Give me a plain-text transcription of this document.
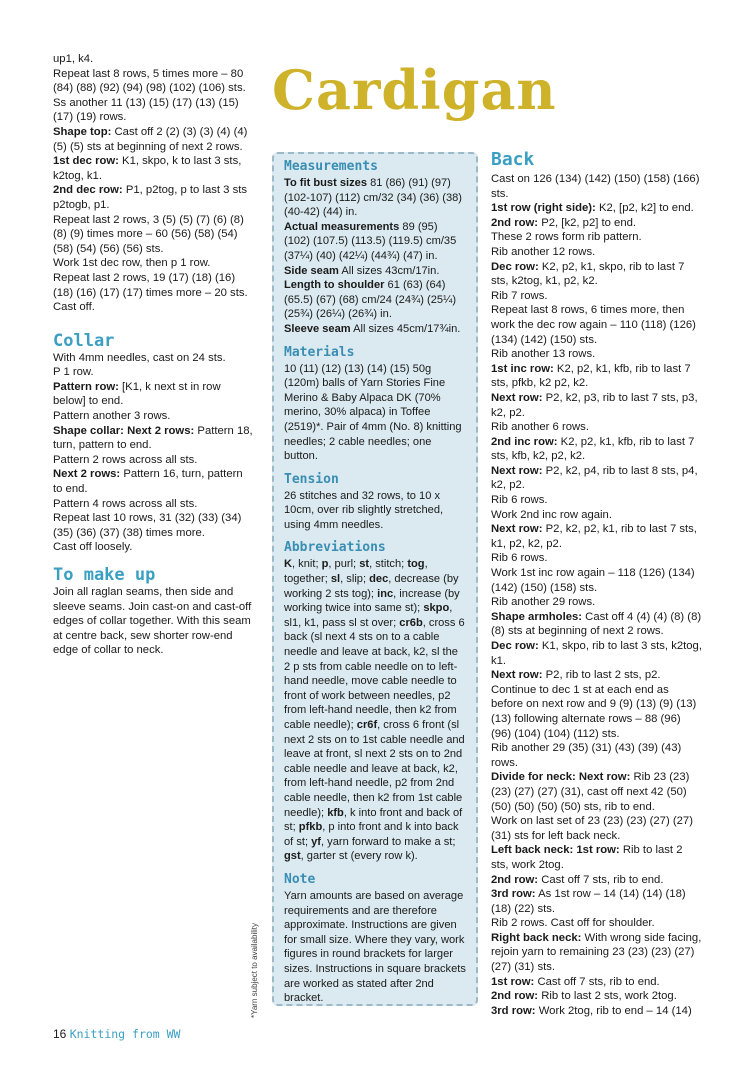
up1, k4.

Repeat last 8 rows, 5 times more – 80 (84) (88) (92) (94) (98) (102) (106) sts.

Ss another 11 (13) (15) (17) (13) (15) (17) (19) rows.

Shape top: Cast off 2 (2) (3) (3) (4) (4) (5) (5) sts at beginning of next 2 rows.

1st dec row: K1, skpo, k to last 3 sts, k2tog, k1.

2nd dec row: P1, p2tog, p to last 3 sts p2togb, p1.

Repeat last 2 rows, 3 (5) (5) (7) (6) (8) (8) (9) times more – 60 (56) (58) (54) (58) (54) (56) (56) sts.

Work 1st dec row, then p 1 row.

Repeat last 2 rows, 19 (17) (18) (16) (18) (16) (17) (17) times more – 20 sts.

Cast off.

Collar

With 4mm needles, cast on 24 sts.

P 1 row.

Pattern row: [K1, k next st in row below] to end.

Pattern another 3 rows.

Shape collar: Next 2 rows: Pattern 18, turn, pattern to end.

Pattern 2 rows across all sts.

Next 2 rows: Pattern 16, turn, pattern to end.

Pattern 4 rows across all sts.

Repeat last 10 rows, 31 (32) (33) (34) (35) (36) (37) (38) times more.

Cast off loosely.

To make up

Join all raglan seams, then side and sleeve seams. Join cast-on and cast-off edges of collar together. With this seam at centre back, sew shorter row-end edge of collar to neck.

Cardigan
Measurements

To fit bust sizes 81 (86) (91) (97) (102-107) (112) cm/32 (34) (36) (38) (40-42) (44) in.

Actual measurements 89 (95) (102) (107.5) (113.5) (119.5) cm/35 (37¼) (40) (42¼) (44¾) (47) in.

Side seam All sizes 43cm/17in.

Length to shoulder 61 (63) (64) (65.5) (67) (68) cm/24 (24¾) (25¼) (25¾) (26¼) (26¾) in.

Sleeve seam All sizes 45cm/17¾in.

Materials

10 (11) (12) (13) (14) (15) 50g (120m) balls of Yarn Stories Fine Merino & Baby Alpaca DK (70% merino, 30% alpaca) in Toffee (2519)*. Pair of 4mm (No. 8) knitting needles; 2 cable needles; one button.

Tension

26 stitches and 32 rows, to 10 x 10cm, over rib slightly stretched, using 4mm needles.

Abbreviations

K, knit; p, purl; st, stitch; tog, together; sl, slip; dec, decrease (by working 2 sts tog); inc, increase (by working twice into same st); skpo, sl1, k1, pass sl st over; cr6b, cross 6 back (sl next 4 sts on to a cable needle and leave at back, k2, sl the 2 p sts from cable needle on to left-hand needle, move cable needle to front of work between needles, p2 from left-hand needle, then k2 from cable needle); cr6f, cross 6 front (sl next 2 sts on to 1st cable needle and leave at front, sl next 2 sts on to 2nd cable needle and leave at back, k2, from left-hand needle, p2 from 2nd cable needle, then k2 from 1st cable needle); kfb, k into front and back of st; pfkb, p into front and k into back of st; yf, yarn forward to make a st; gst, garter st (every row k).

Note

Yarn amounts are based on average requirements and are therefore approximate. Instructions are given for small size. Where they vary, work figures in round brackets for larger sizes. Instructions in square brackets are worked as stated after 2nd bracket.

*Yarn subject to availability
Back

Cast on 126 (134) (142) (150) (158) (166) sts.

1st row (right side): K2, [p2, k2] to end.

2nd row: P2, [k2, p2] to end.

These 2 rows form rib pattern.

Rib another 12 rows.

Dec row: K2, p2, k1, skpo, rib to last 7 sts, k2tog, k1, p2, k2.

Rib 7 rows.

Repeat last 8 rows, 6 times more, then work the dec row again – 110 (118) (126) (134) (142) (150) sts.

Rib another 13 rows.

1st inc row: K2, p2, k1, kfb, rib to last 7 sts, pfkb, k2 p2, k2.

Next row: P2, k2, p3, rib to last 7 sts, p3, k2, p2.

Rib another 6 rows.

2nd inc row: K2, p2, k1, kfb, rib to last 7 sts, kfb, k2, p2, k2.

Next row: P2, k2, p4, rib to last 8 sts, p4, k2, p2.

Rib 6 rows.

Work 2nd inc row again.

Next row: P2, k2, p2, k1, rib to last 7 sts, k1, p2, k2, p2.

Rib 6 rows.

Work 1st inc row again – 118 (126) (134) (142) (150) (158) sts.

Rib another 29 rows.

Shape armholes: Cast off 4 (4) (4) (8) (8) (8) sts at beginning of next 2 rows.

Dec row: K1, skpo, rib to last 3 sts, k2tog, k1.

Next row: P2, rib to last 2 sts, p2.

Continue to dec 1 st at each end as before on next row and 9 (9) (13) (9) (13) (13) following alternate rows – 88 (96) (96) (104) (104) (112) sts.

Rib another 29 (35) (31) (43) (39) (43) rows.

Divide for neck: Next row: Rib 23 (23) (23) (27) (27) (31), cast off next 42 (50) (50) (50) (50) (50) sts, rib to end.

Work on last set of 23 (23) (23) (27) (27) (31) sts for left back neck.

Left back neck: 1st row: Rib to last 2 sts, work 2tog.

2nd row: Cast off 7 sts, rib to end.

3rd row: As 1st row – 14 (14) (14) (18) (18) (22) sts.

Rib 2 rows. Cast off for shoulder.

Right back neck: With wrong side facing, rejoin yarn to remaining 23 (23) (23) (27) (27) (31) sts.

1st row: Cast off 7 sts, rib to end.

2nd row: Rib to last 2 sts, work 2tog.

3rd row: Work 2tog, rib to end – 14 (14)

16 Knitting from WW
